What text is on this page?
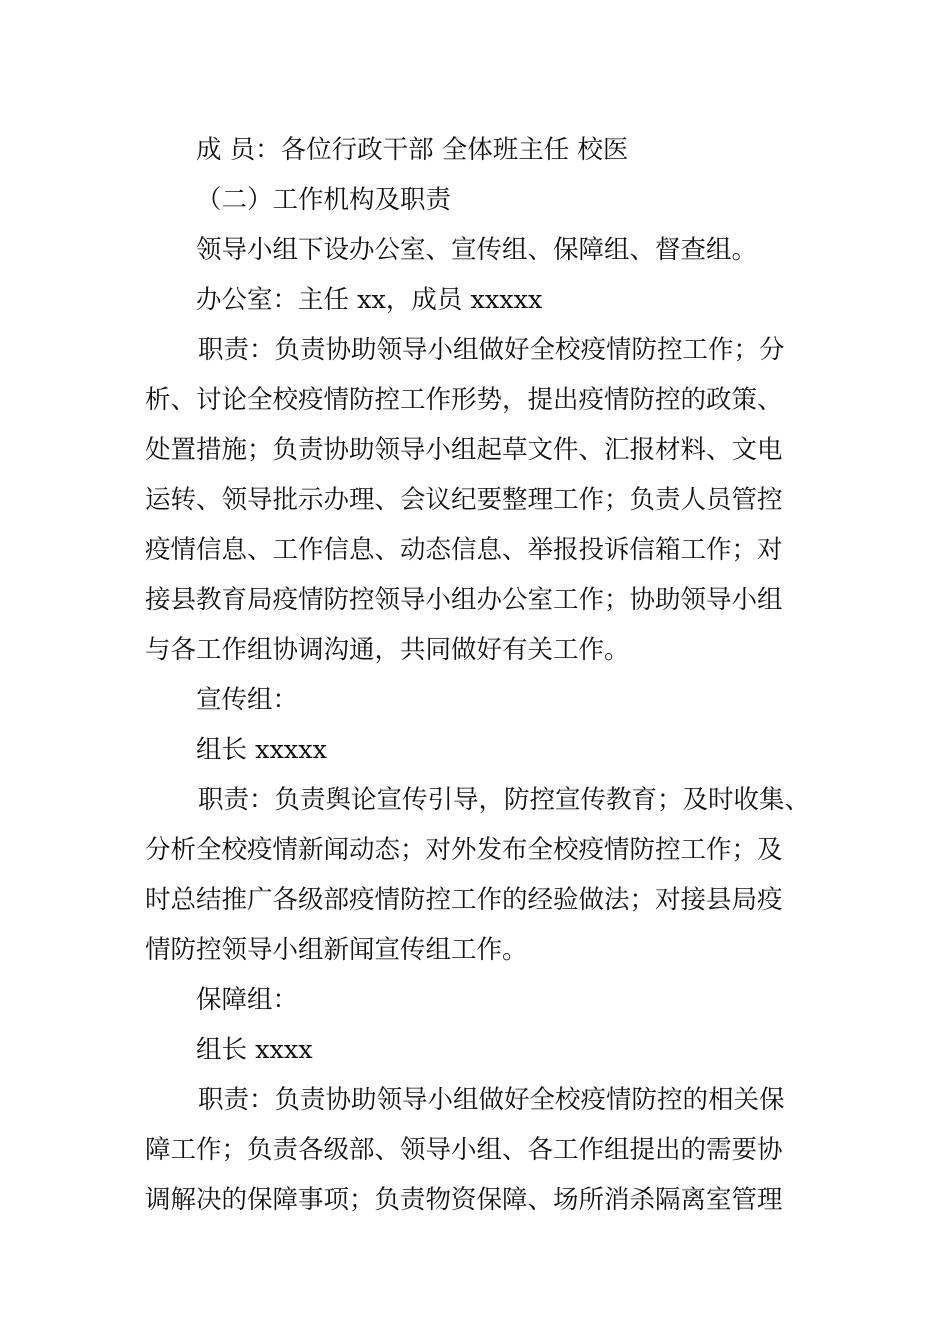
成 员：各位行政干部 全体班主任 校医
（二）工作机构及职责
领导小组下设办公室、宣传组、保障组、督查组。
办公室：主任 xx，成员 xxxxx
职责：负责协助领导小组做好全校疫情防控工作；分
析、讨论全校疫情防控工作形势，提出疫情防控的政策、
处置措施；负责协助领导小组起草文件、汇报材料、文电
运转、领导批示办理、会议纪要整理工作；负责人员管控
疫情信息、工作信息、动态信息、举报投诉信箱工作；对
接县教育局疫情防控领导小组办公室工作；协助领导小组
与各工作组协调沟通，共同做好有关工作。
宣传组：
组长 xxxxx
职责：负责舆论宣传引导，防控宣传教育；及时收集、
分析全校疫情新闻动态；对外发布全校疫情防控工作；及
时总结推广各级部疫情防控工作的经验做法；对接县局疫
情防控领导小组新闻宣传组工作。
保障组：
组长 xxxx
职责：负责协助领导小组做好全校疫情防控的相关保
障工作；负责各级部、领导小组、各工作组提出的需要协
调解决的保障事项；负责物资保障、场所消杀隔离室管理
